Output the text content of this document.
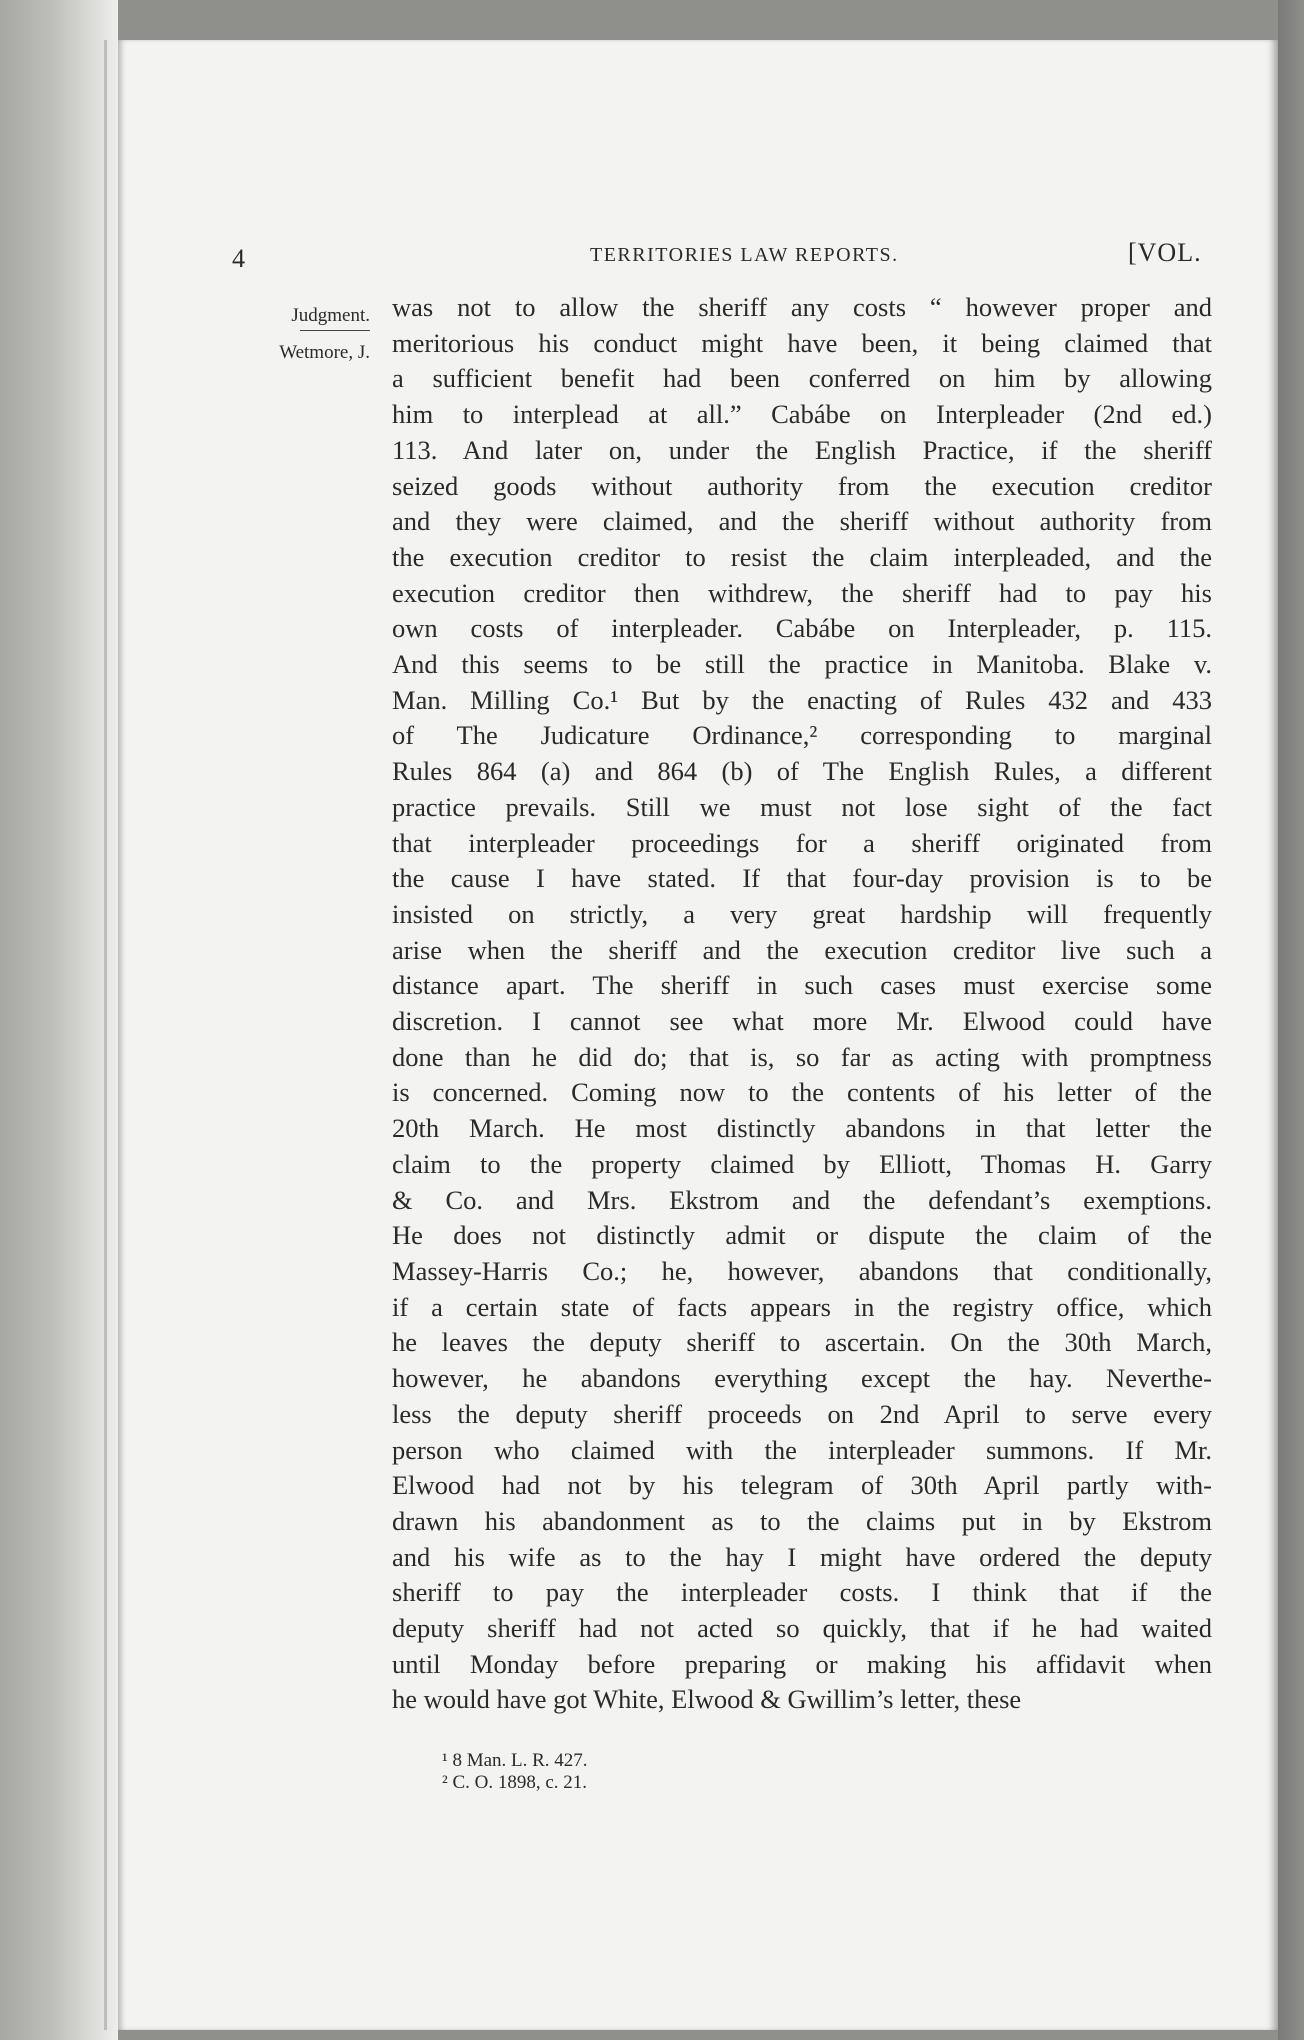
4	TERRITORIES LAW REPORTS.	[VOL.
Judgment.
Wetmore, J.
was not to allow the sheriff any costs “ however proper and
meritorious his conduct might have been, it being claimed that
a sufficient benefit had been conferred on him by allowing
him to interplead at all.” Cabábe on Interpleader (2nd ed.)
113. And later on, under the English Practice, if the sheriff
seized goods without authority from the execution creditor
and they were claimed, and the sheriff without authority from
the execution creditor to resist the claim interpleaded, and the
execution creditor then withdrew, the sheriff had to pay his
own costs of interpleader. Cabábe on Interpleader, p. 115.
And this seems to be still the practice in Manitoba. Blake v.
Man. Milling Co.¹ But by the enacting of Rules 432 and 433
of The Judicature Ordinance,² corresponding to marginal
Rules 864 (a) and 864 (b) of The English Rules, a different
practice prevails. Still we must not lose sight of the fact
that interpleader proceedings for a sheriff originated from
the cause I have stated. If that four-day provision is to be
insisted on strictly, a very great hardship will frequently
arise when the sheriff and the execution creditor live such a
distance apart. The sheriff in such cases must exercise some
discretion. I cannot see what more Mr. Elwood could have
done than he did do; that is, so far as acting with promptness
is concerned. Coming now to the contents of his letter of the
20th March. He most distinctly abandons in that letter the
claim to the property claimed by Elliott, Thomas H. Garry
& Co. and Mrs. Ekstrom and the defendant’s exemptions.
He does not distinctly admit or dispute the claim of the
Massey-Harris Co.; he, however, abandons that conditionally,
if a certain state of facts appears in the registry office, which
he leaves the deputy sheriff to ascertain. On the 30th March,
however, he abandons everything except the hay. Neverthe-
less the deputy sheriff proceeds on 2nd April to serve every
person who claimed with the interpleader summons. If Mr.
Elwood had not by his telegram of 30th April partly with-
drawn his abandonment as to the claims put in by Ekstrom
and his wife as to the hay I might have ordered the deputy
sheriff to pay the interpleader costs. I think that if the
deputy sheriff had not acted so quickly, that if he had waited
until Monday before preparing or making his affidavit when
he would have got White, Elwood & Gwillim’s letter, these
¹ 8 Man. L. R. 427.
² C. O. 1898, c. 21.
